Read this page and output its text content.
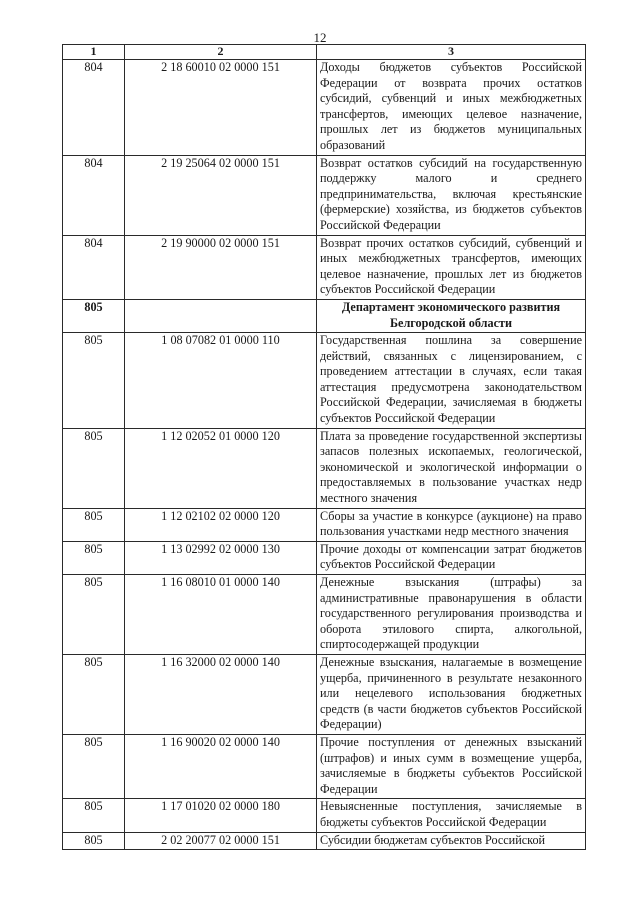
12
1	2	3
804	2 18 60010 02 0000 151	Доходы бюджетов субъектов Российской Федерации от возврата прочих остатков субсидий, субвенций и иных межбюджетных трансфертов, имеющих целевое назначение, прошлых лет из бюджетов муниципальных образований
804	2 19 25064 02 0000 151	Возврат остатков субсидий на государственную поддержку малого и среднего предпринимательства, включая крестьянские (фермерские) хозяйства, из бюджетов субъектов Российской Федерации
804	2 19 90000 02 0000 151	Возврат прочих остатков субсидий, субвенций и иных межбюджетных трансфертов, имеющих целевое назначение, прошлых лет из бюджетов субъектов Российской Федерации
805		Департамент экономического развития Белгородской области
805	1 08 07082 01 0000 110	Государственная пошлина за совершение действий, связанных с лицензированием, с проведением аттестации в случаях, если такая аттестация предусмотрена законодательством Российской Федерации, зачисляемая в бюджеты субъектов Российской Федерации
805	1 12 02052 01 0000 120	Плата за проведение государственной экспертизы запасов полезных ископаемых, геологической, экономической и экологической информации о предоставляемых в пользование участках недр местного значения
805	1 12 02102 02 0000 120	Сборы за участие в конкурсе (аукционе) на право пользования участками недр местного значения
805	1 13 02992 02 0000 130	Прочие доходы от компенсации затрат бюджетов субъектов Российской Федерации
805	1 16 08010 01 0000 140	Денежные взыскания (штрафы) за административные правонарушения в области государственного регулирования производства и оборота этилового спирта, алкогольной, спиртосодержащей продукции
805	1 16 32000 02 0000 140	Денежные взыскания, налагаемые в возмещение ущерба, причиненного в результате незаконного или нецелевого использования бюджетных средств (в части бюджетов субъектов Российской Федерации)
805	1 16 90020 02 0000 140	Прочие поступления от денежных взысканий (штрафов) и иных сумм в возмещение ущерба, зачисляемые в бюджеты субъектов Российской Федерации
805	1 17 01020 02 0000 180	Невыясненные поступления, зачисляемые в бюджеты субъектов Российской Федерации
805	2 02 20077 02 0000 151	Субсидии бюджетам субъектов Российской
